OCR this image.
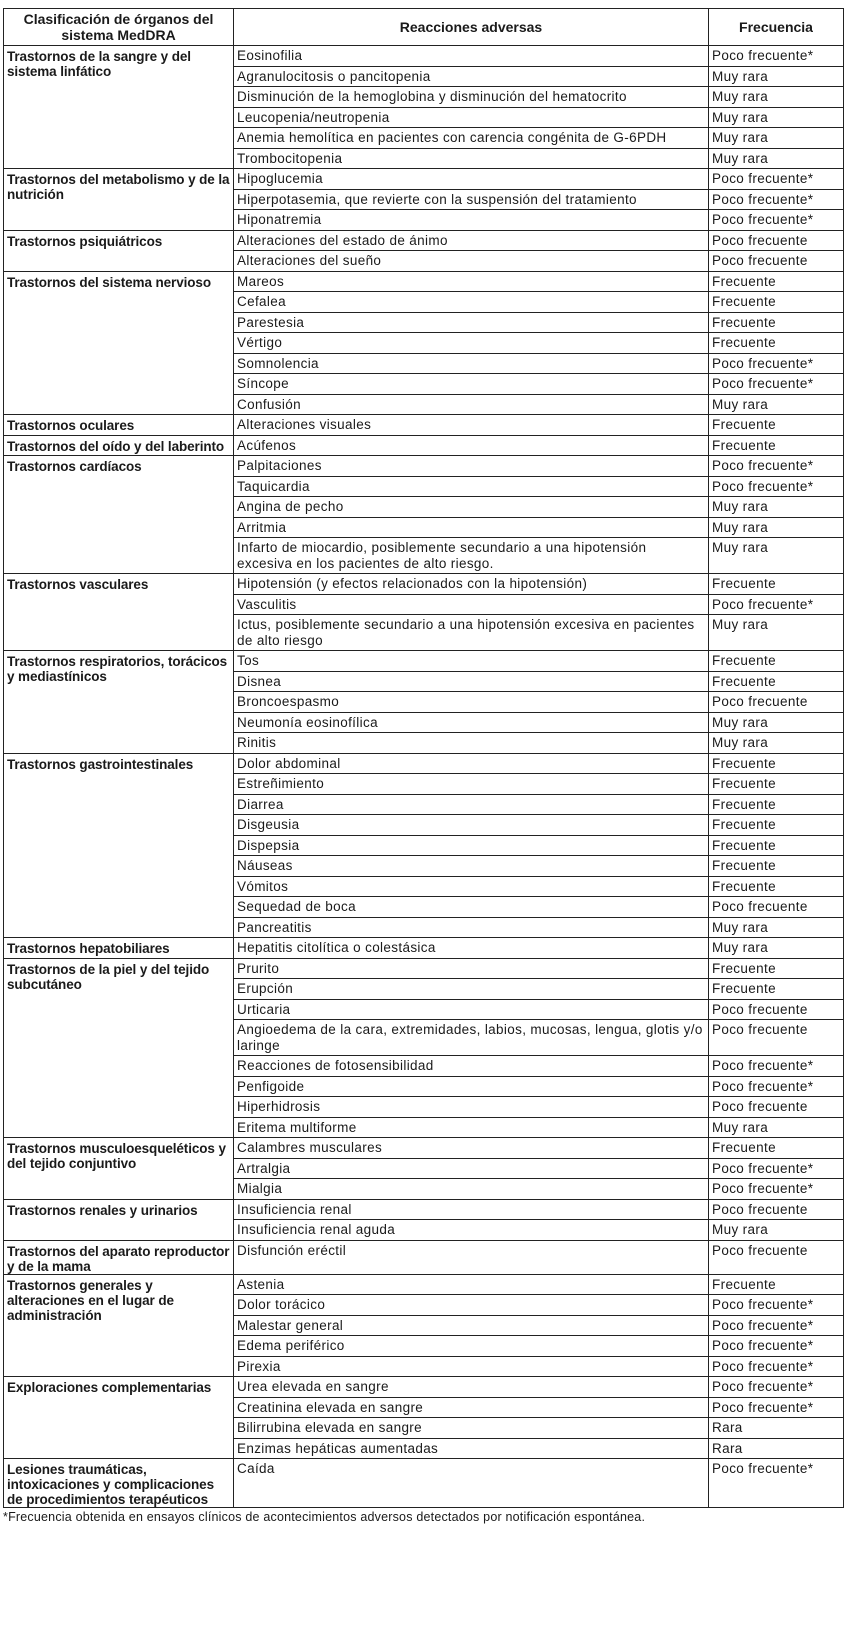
Clasificación de órganos del sistema MedDRA	Reacciones adversas	Frecuencia
Trastornos de la sangre y del sistema linfático	Eosinofilia	Poco frecuente*
	Agranulocitosis o pancitopenia	Muy rara
	Disminución de la hemoglobina y disminución del hematocrito	Muy rara
	Leucopenia/neutropenia	Muy rara
	Anemia hemolítica en pacientes con carencia congénita de G-6PDH	Muy rara
	Trombocitopenia	Muy rara
Trastornos del metabolismo y de la nutrición	Hipoglucemia	Poco frecuente*
	Hiperpotasemia, que revierte con la suspensión del tratamiento	Poco frecuente*
	Hiponatremia	Poco frecuente*
Trastornos psiquiátricos	Alteraciones del estado de ánimo	Poco frecuente
	Alteraciones del sueño	Poco frecuente
Trastornos del sistema nervioso	Mareos	Frecuente
	Cefalea	Frecuente
	Parestesia	Frecuente
	Vértigo	Frecuente
	Somnolencia	Poco frecuente*
	Síncope	Poco frecuente*
	Confusión	Muy rara
Trastornos oculares	Alteraciones visuales	Frecuente
Trastornos del oído y del laberinto	Acúfenos	Frecuente
Trastornos cardíacos	Palpitaciones	Poco frecuente*
	Taquicardia	Poco frecuente*
	Angina de pecho	Muy rara
	Arritmia	Muy rara
	Infarto de miocardio, posiblemente secundario a una hipotensión excesiva en los pacientes de alto riesgo.	Muy rara
Trastornos vasculares	Hipotensión (y efectos relacionados con la hipotensión)	Frecuente
	Vasculitis	Poco frecuente*
	Ictus, posiblemente secundario a una hipotensión excesiva en pacientes de alto riesgo	Muy rara
Trastornos respiratorios, torácicos y mediastínicos	Tos	Frecuente
	Disnea	Frecuente
	Broncoespasmo	Poco frecuente
	Neumonía eosinofílica	Muy rara
	Rinitis	Muy rara
Trastornos gastrointestinales	Dolor abdominal	Frecuente
	Estreñimiento	Frecuente
	Diarrea	Frecuente
	Disgeusia	Frecuente
	Dispepsia	Frecuente
	Náuseas	Frecuente
	Vómitos	Frecuente
	Sequedad de boca	Poco frecuente
	Pancreatitis	Muy rara
Trastornos hepatobiliares	Hepatitis citolítica o colestásica	Muy rara
Trastornos de la piel y del tejido subcutáneo	Prurito	Frecuente
	Erupción	Frecuente
	Urticaria	Poco frecuente
	Angioedema de la cara, extremidades, labios, mucosas, lengua, glotis y/o laringe	Poco frecuente
	Reacciones de fotosensibilidad	Poco frecuente*
	Penfigoide	Poco frecuente*
	Hiperhidrosis	Poco frecuente
	Eritema multiforme	Muy rara
Trastornos musculoesqueléticos y del tejido conjuntivo	Calambres musculares	Frecuente
	Artralgia	Poco frecuente*
	Mialgia	Poco frecuente*
Trastornos renales y urinarios	Insuficiencia renal	Poco frecuente
	Insuficiencia renal aguda	Muy rara
Trastornos del aparato reproductor y de la mama	Disfunción eréctil	Poco frecuente
Trastornos generales y alteraciones en el lugar de administración	Astenia	Frecuente
	Dolor torácico	Poco frecuente*
	Malestar general	Poco frecuente*
	Edema periférico	Poco frecuente*
	Pirexia	Poco frecuente*
Exploraciones complementarias	Urea elevada en sangre	Poco frecuente*
	Creatinina elevada en sangre	Poco frecuente*
	Bilirrubina elevada en sangre	Rara
	Enzimas hepáticas aumentadas	Rara
Lesiones traumáticas, intoxicaciones y complicaciones de procedimientos terapéuticos	Caída	Poco frecuente*
*Frecuencia obtenida en ensayos clínicos de acontecimientos adversos detectados por notificación espontánea.
